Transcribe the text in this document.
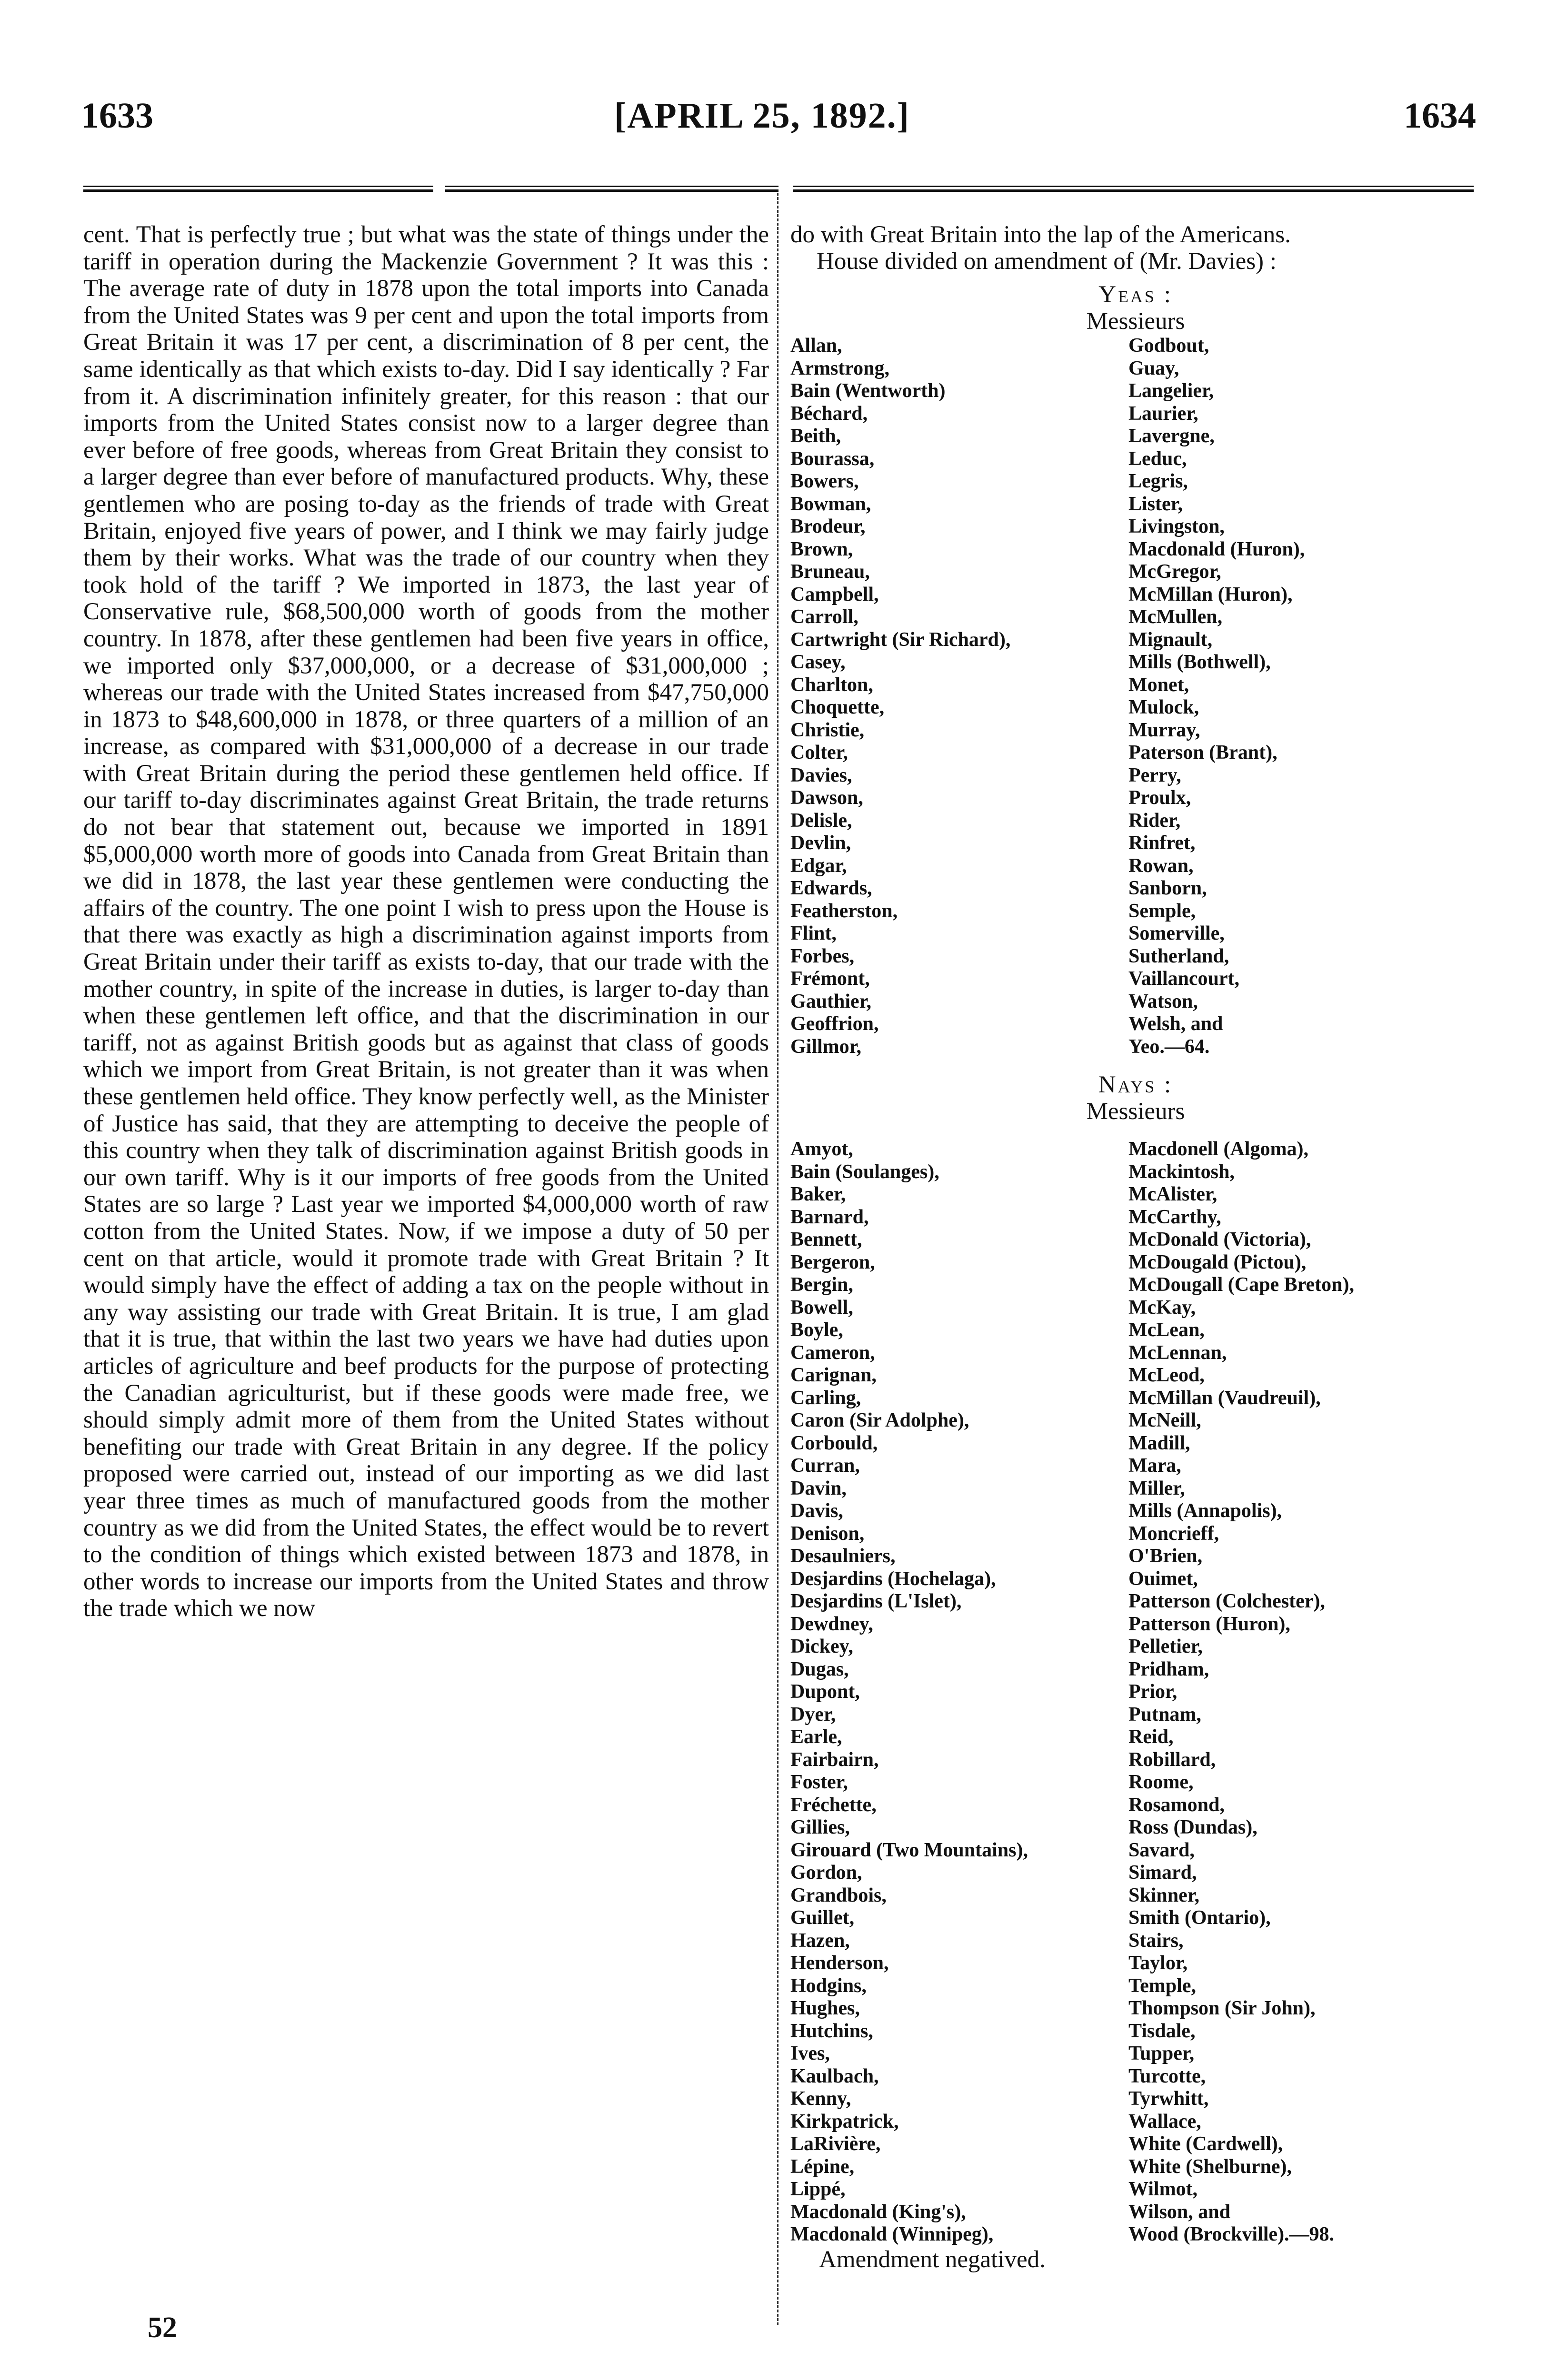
1633	[APRIL 25, 1892.]	1634

cent. That is perfectly true ; but what was the state of things under the tariff in operation during the Mackenzie Government ? It was this : The average rate of duty in 1878 upon the total imports into Canada from the United States was 9 per cent and upon the total imports from Great Britain it was 17 per cent, a discrimination of 8 per cent, the same identically as that which exists to-day. Did I say identically ? Far from it. A discrimination infinitely greater, for this reason : that our imports from the United States consist now to a larger degree than ever before of free goods, whereas from Great Britain they consist to a larger degree than ever before of manufactured products. Why, these gentlemen who are posing to-day as the friends of trade with Great Britain, enjoyed five years of power, and I think we may fairly judge them by their works. What was the trade of our country when they took hold of the tariff ? We imported in 1873, the last year of Conservative rule, $68,500,000 worth of goods from the mother country. In 1878, after these gentlemen had been five years in office, we imported only $37,000,000, or a decrease of $31,000,000 ; whereas our trade with the United States increased from $47,750,000 in 1873 to $48,600,000 in 1878, or three quarters of a million of an increase, as compared with $31,000,000 of a decrease in our trade with Great Britain during the period these gentlemen held office. If our tariff to-day discriminates against Great Britain, the trade returns do not bear that statement out, because we imported in 1891 $5,000,000 worth more of goods into Canada from Great Britain than we did in 1878, the last year these gentlemen were conducting the affairs of the country. The one point I wish to press upon the House is that there was exactly as high a discrimination against imports from Great Britain under their tariff as exists to-day, that our trade with the mother country, in spite of the increase in duties, is larger to-day than when these gentlemen left office, and that the discrimination in our tariff, not as against British goods but as against that class of goods which we import from Great Britain, is not greater than it was when these gentlemen held office. They know perfectly well, as the Minister of Justice has said, that they are attempting to deceive the people of this country when they talk of discrimination against British goods in our own tariff. Why is it our imports of free goods from the United States are so large ? Last year we imported $4,000,000 worth of raw cotton from the United States. Now, if we impose a duty of 50 per cent on that article, would it promote trade with Great Britain ? It would simply have the effect of adding a tax on the people without in any way assisting our trade with Great Britain. It is true, I am glad that it is true, that within the last two years we have had duties upon articles of agriculture and beef products for the purpose of protecting the Canadian agriculturist, but if these goods were made free, we should simply admit more of them from the United States without benefiting our trade with Great Britain in any degree. If the policy proposed were carried out, instead of our importing as we did last year three times as much of manufactured goods from the mother country as we did from the United States, the effect would be to revert to the condition of things which existed between 1873 and 1878, in other words to increase our imports from the United States and throw the trade which we now

do with Great Britain into the lap of the Americans.

House divided on amendment of (Mr. Davies) :

Yeas :

Messieurs

Allan,
Armstrong,
Bain (Wentworth)
Béchard,
Beith,
Bourassa,
Bowers,
Bowman,
Brodeur,
Brown,
Bruneau,
Campbell,
Carroll,
Cartwright (Sir Richard),
Casey,
Charlton,
Choquette,
Christie,
Colter,
Davies,
Dawson,
Delisle,
Devlin,
Edgar,
Edwards,
Featherston,
Flint,
Forbes,
Frémont,
Gauthier,
Geoffrion,
Gillmor,
Godbout,
Guay,
Langelier,
Laurier,
Lavergne,
Leduc,
Legris,
Lister,
Livingston,
Macdonald (Huron),
McGregor,
McMillan (Huron),
McMullen,
Mignault,
Mills (Bothwell),
Monet,
Mulock,
Murray,
Paterson (Brant),
Perry,
Proulx,
Rider,
Rinfret,
Rowan,
Sanborn,
Semple,
Somerville,
Sutherland,
Vaillancourt,
Watson,
Welsh, and
Yeo.—64.

Nays :

Messieurs

Amyot,
Bain (Soulanges),
Baker,
Barnard,
Bennett,
Bergeron,
Bergin,
Bowell,
Boyle,
Cameron,
Carignan,
Carling,
Caron (Sir Adolphe),
Corbould,
Curran,
Davin,
Davis,
Denison,
Desaulniers,
Desjardins (Hochelaga),
Desjardins (L'Islet),
Dewdney,
Dickey,
Dugas,
Dupont,
Dyer,
Earle,
Fairbairn,
Foster,
Fréchette,
Gillies,
Girouard (Two Mountains),
Gordon,
Grandbois,
Guillet,
Hazen,
Henderson,
Hodgins,
Hughes,
Hutchins,
Ives,
Kaulbach,
Kenny,
Kirkpatrick,
LaRivière,
Lépine,
Lippé,
Macdonald (King's),
Macdonald (Winnipeg),
Macdonell (Algoma),
Mackintosh,
McAlister,
McCarthy,
McDonald (Victoria),
McDougald (Pictou),
McDougall (Cape Breton),
McKay,
McLean,
McLennan,
McLeod,
McMillan (Vaudreuil),
McNeill,
Madill,
Mara,
Miller,
Mills (Annapolis),
Moncrieff,
O'Brien,
Ouimet,
Patterson (Colchester),
Patterson (Huron),
Pelletier,
Pridham,
Prior,
Putnam,
Reid,
Robillard,
Roome,
Rosamond,
Ross (Dundas),
Savard,
Simard,
Skinner,
Smith (Ontario),
Stairs,
Taylor,
Temple,
Thompson (Sir John),
Tisdale,
Tupper,
Turcotte,
Tyrwhitt,
Wallace,
White (Cardwell),
White (Shelburne),
Wilmot,
Wilson, and
Wood (Brockville).—98.

Amendment negatived.

52
